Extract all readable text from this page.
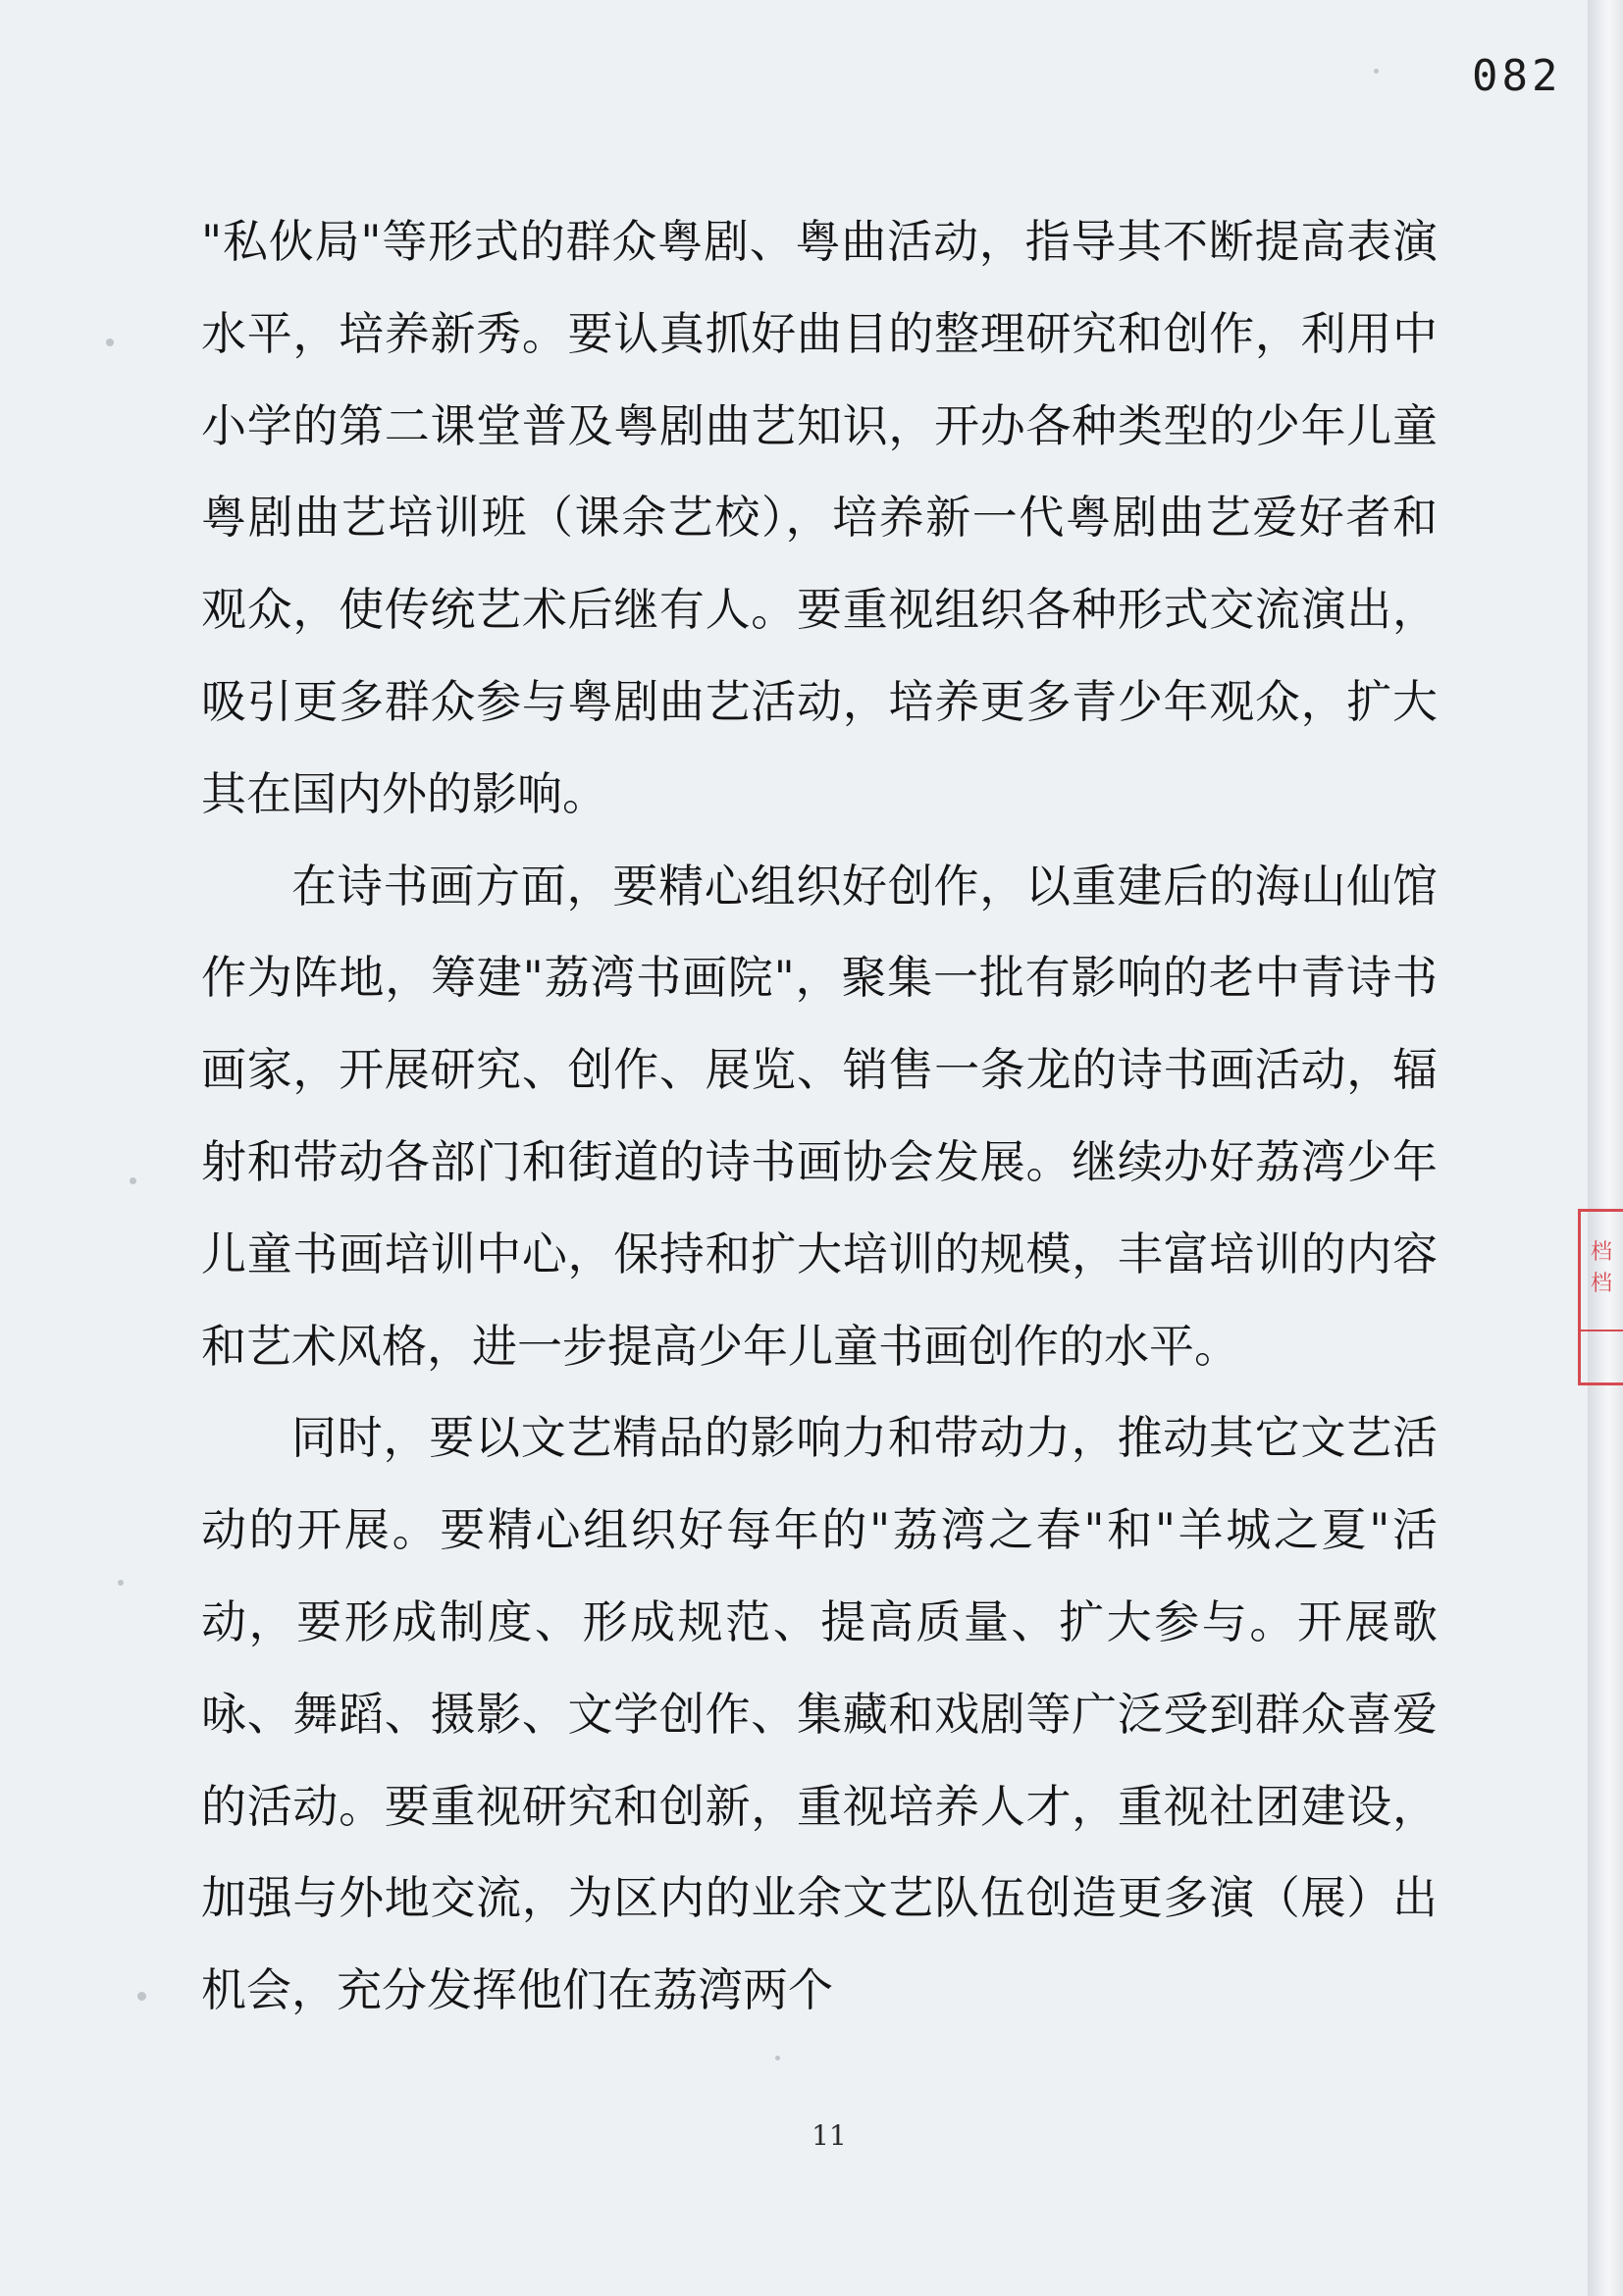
082

"私伙局"等形式的群众粤剧、粤曲活动，指导其不断提高表演水平，培养新秀。要认真抓好曲目的整理研究和创作，利用中小学的第二课堂普及粤剧曲艺知识，开办各种类型的少年儿童粤剧曲艺培训班（课余艺校），培养新一代粤剧曲艺爱好者和观众，使传统艺术后继有人。要重视组织各种形式交流演出，吸引更多群众参与粤剧曲艺活动，培养更多青少年观众，扩大其在国内外的影响。

在诗书画方面，要精心组织好创作，以重建后的海山仙馆作为阵地，筹建"荔湾书画院"，聚集一批有影响的老中青诗书画家，开展研究、创作、展览、销售一条龙的诗书画活动，辐射和带动各部门和街道的诗书画协会发展。继续办好荔湾少年儿童书画培训中心，保持和扩大培训的规模，丰富培训的内容和艺术风格，进一步提高少年儿童书画创作的水平。

同时，要以文艺精品的影响力和带动力，推动其它文艺活动的开展。要精心组织好每年的"荔湾之春"和"羊城之夏"活动，要形成制度、形成规范、提高质量、扩大参与。开展歌咏、舞蹈、摄影、文学创作、集藏和戏剧等广泛受到群众喜爱的活动。要重视研究和创新，重视培养人才，重视社团建设，加强与外地交流，为区内的业余文艺队伍创造更多演（展）出机会，充分发挥他们在荔湾两个

11
档
档
